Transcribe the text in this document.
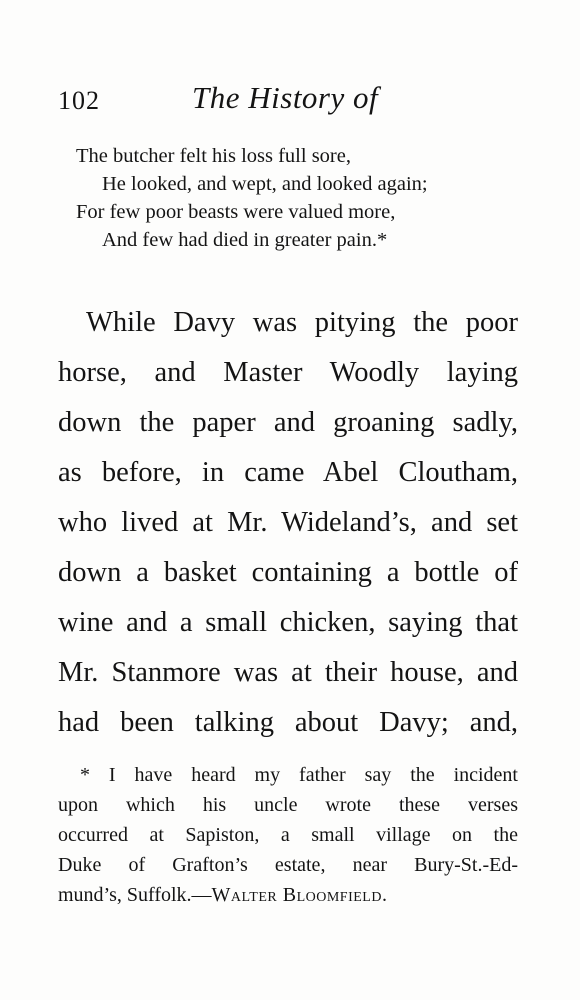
102	The History of
The butcher felt his loss full sore,
He looked, and wept, and looked again;
For few poor beasts were valued more,
And few had died in greater pain.*
While Davy was pitying the poor
horse, and Master Woodly laying
down the paper and groaning sadly,
as before, in came Abel Cloutham,
who lived at Mr. Wideland’s, and set
down a basket containing a bottle of
wine and a small chicken, saying that
Mr. Stanmore was at their house, and
had been talking about Davy; and,
* I have heard my father say the incident
upon which his uncle wrote these verses
occurred at Sapiston, a small village on the
Duke of Grafton’s estate, near Bury-St.-Ed-
mund’s, Suffolk.—Walter Bloomfield.
